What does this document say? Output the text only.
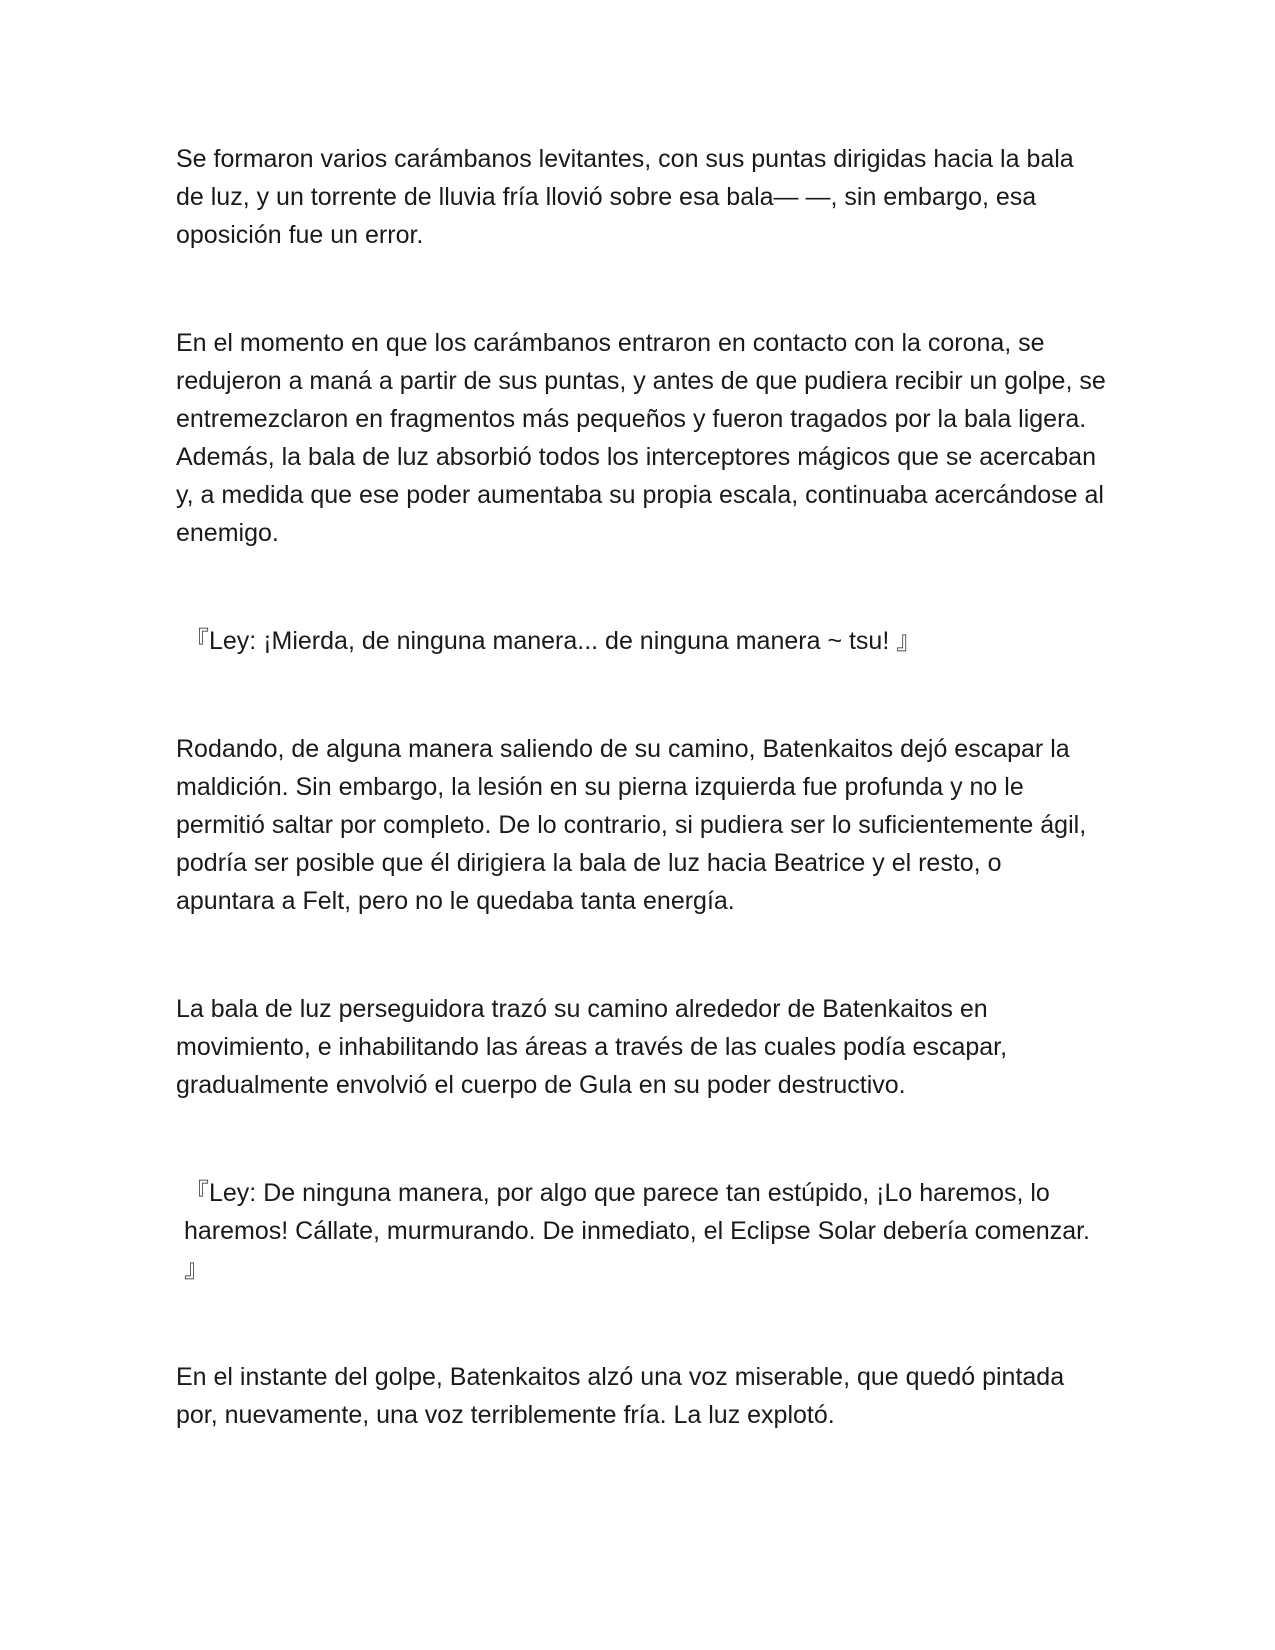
Se formaron varios carámbanos levitantes, con sus puntas dirigidas hacia la bala de luz, y un torrente de lluvia fría llovió sobre esa bala— —, sin embargo, esa oposición fue un error.

En el momento en que los carámbanos entraron en contacto con la corona, se redujeron a maná a partir de sus puntas, y antes de que pudiera recibir un golpe, se entremezclaron en fragmentos más pequeños y fueron tragados por la bala ligera. Además, la bala de luz absorbió todos los interceptores mágicos que se acercaban y, a medida que ese poder aumentaba su propia escala, continuaba acercándose al enemigo.

『Ley: ¡Mierda, de ninguna manera... de ninguna manera ~ tsu! 』

Rodando, de alguna manera saliendo de su camino, Batenkaitos dejó escapar la maldición. Sin embargo, la lesión en su pierna izquierda fue profunda y no le permitió saltar por completo. De lo contrario, si pudiera ser lo suficientemente ágil, podría ser posible que él dirigiera la bala de luz hacia Beatrice y el resto, o apuntara a Felt, pero no le quedaba tanta energía.

La bala de luz perseguidora trazó su camino alrededor de Batenkaitos en movimiento, e inhabilitando las áreas a través de las cuales podía escapar, gradualmente envolvió el cuerpo de Gula en su poder destructivo.

『Ley: De ninguna manera, por algo que parece tan estúpido, ¡Lo haremos, lo haremos! Cállate, murmurando. De inmediato, el Eclipse Solar debería comenzar. 』

En el instante del golpe, Batenkaitos alzó una voz miserable, que quedó pintada por, nuevamente, una voz terriblemente fría. La luz explotó.
